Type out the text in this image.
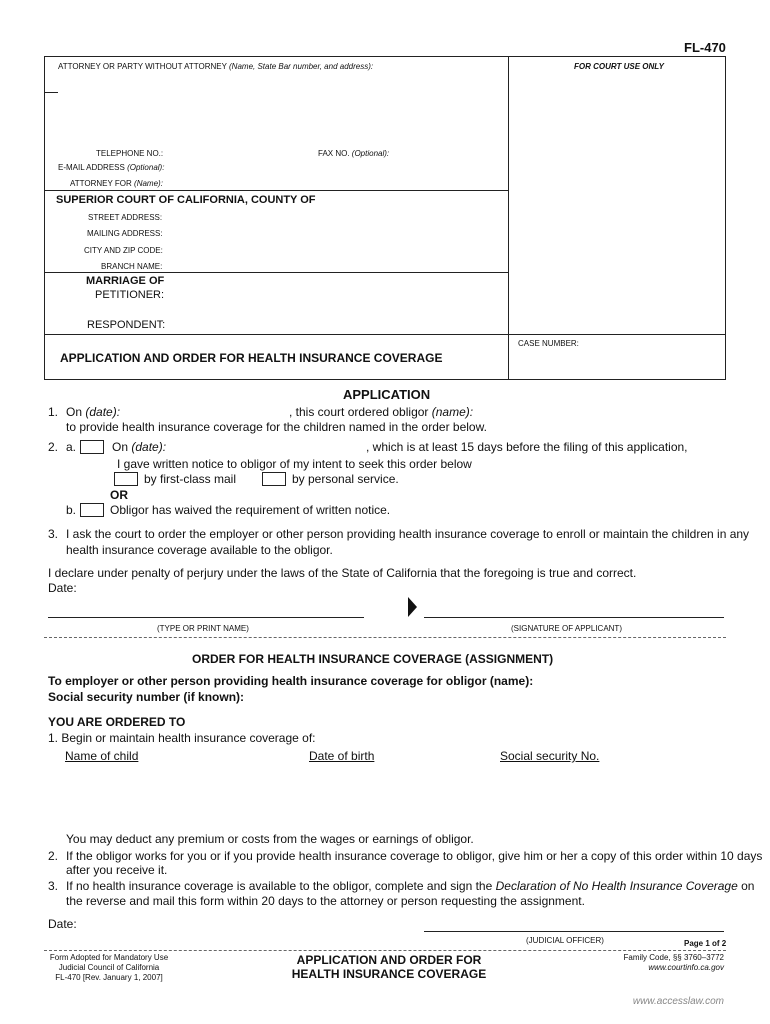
FL-470
ATTORNEY OR PARTY WITHOUT ATTORNEY (Name, State Bar number, and address):	FOR COURT USE ONLY
TELEPHONE NO.:	FAX NO. (Optional):
E-MAIL ADDRESS (Optional):
ATTORNEY FOR (Name):
SUPERIOR COURT OF CALIFORNIA, COUNTY OF
STREET ADDRESS:
MAILING ADDRESS:
CITY AND ZIP CODE:
BRANCH NAME:
MARRIAGE OF
PETITIONER:
RESPONDENT:
CASE NUMBER:
APPLICATION AND ORDER FOR HEALTH INSURANCE COVERAGE
APPLICATION
1. On (date):	, this court ordered obligor (name):
to provide health insurance coverage for the children named in the order below.
2. a.	On (date):	, which is at least 15 days before the filing of this application,
I gave written notice to obligor of my intent to seek this order below
by first-class mail	by personal service.
OR
b.	Obligor has waived the requirement of written notice.
3. I ask the court to order the employer or other person providing health insurance coverage to enroll or maintain the children in any
health insurance coverage available to the obligor.
I declare under penalty of perjury under the laws of the State of California that the foregoing is true and correct.
Date:
(TYPE OR PRINT NAME)	(SIGNATURE OF APPLICANT)
ORDER FOR HEALTH INSURANCE COVERAGE (ASSIGNMENT)
To employer or other person providing health insurance coverage for obligor (name):
Social security number (if known):
YOU ARE ORDERED TO
1. Begin or maintain health insurance coverage of:
Name of child	Date of birth	Social security No.
You may deduct any premium or costs from the wages or earnings of obligor.
2. If the obligor works for you or if you provide health insurance coverage to obligor, give him or her a copy of this order within 10 days
after you receive it.
3. If no health insurance coverage is available to the obligor, complete and sign the Declaration of No Health Insurance Coverage on
the reverse and mail this form within 20 days to the attorney or person requesting the assignment.
Date:
(JUDICIAL OFFICER)	Page 1 of 2
Form Adopted for Mandatory Use
Judicial Council of California
FL-470 [Rev. January 1, 2007]
APPLICATION AND ORDER FOR
HEALTH INSURANCE COVERAGE
Family Code, §§ 3760–3772
www.courtinfo.ca.gov
www.accesslaw.com
